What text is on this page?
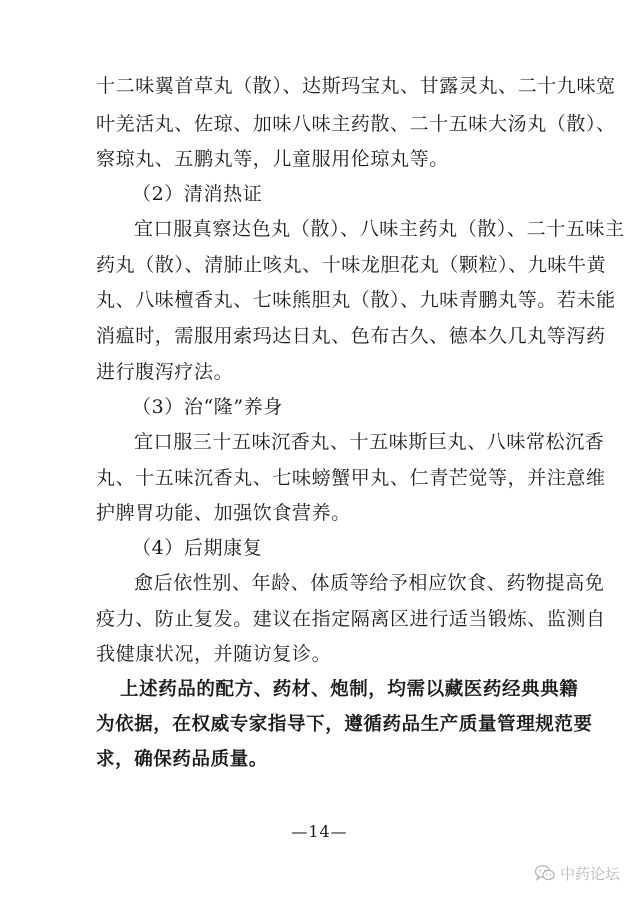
十二味翼首草丸（散）、达斯玛宝丸、甘露灵丸、二十九味宽
叶羌活丸、佐琼、加味八味主药散、二十五味大汤丸（散）、
察琼丸、五鹏丸等，儿童服用伦琼丸等。
（2）清消热证
宜口服真察达色丸（散）、八味主药丸（散）、二十五味主
药丸（散）、清肺止咳丸、十味龙胆花丸（颗粒）、九味牛黄
丸、八味檀香丸、七味熊胆丸（散）、九味青鹏丸等。若未能
消瘟时，需服用索玛达日丸、色布古久、德本久几丸等泻药
进行腹泻疗法。
（3）治“隆”养身
宜口服三十五味沉香丸、十五味斯巨丸、八味常松沉香
丸、十五味沉香丸、七味螃蟹甲丸、仁青芒觉等，并注意维
护脾胃功能、加强饮食营养。
（4）后期康复
愈后依性别、年龄、体质等给予相应饮食、药物提高免
疫力、防止复发。建议在指定隔离区进行适当锻炼、监测自
我健康状况，并随访复诊。
上述药品的配方、药材、炮制，均需以藏医药经典典籍
为依据，在权威专家指导下，遵循药品生产质量管理规范要
求，确保药品质量。
—14—
中药论坛
